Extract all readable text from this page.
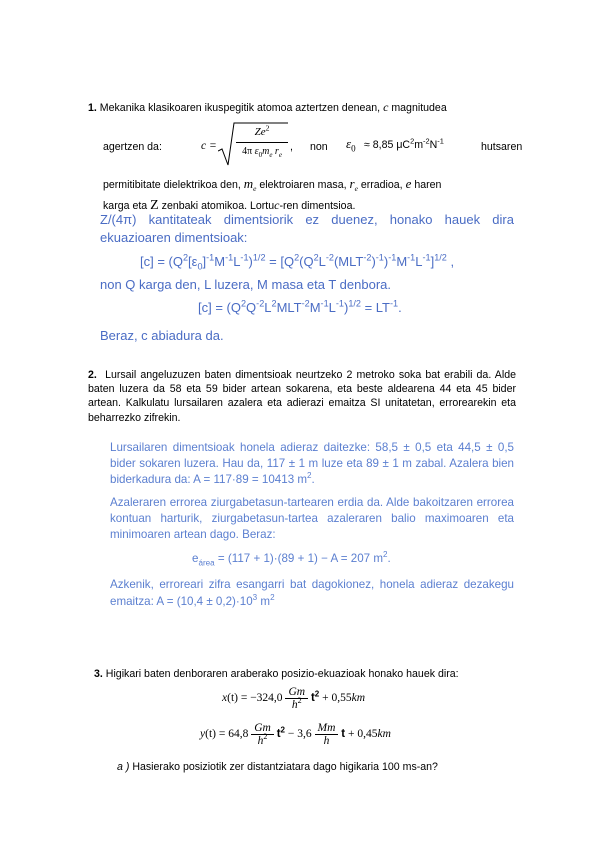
1. Mekanika klasikoaren ikuspegitik atomoa aztertzen denean, c magnitudea
agertzen da:	c =
$Ze^2$
4π $\varepsilon_0m_e$ $r_e$
, non $\varepsilon_0 \approx 8,85$ $\mu C^2m^{-2}N^{-1}$
hutsaren
permitibitate dielektrikoa den, $m_e$ elektroiaren masa, $r_e$ erradioa, e haren
karga eta Z zenbaki atomikoa. Lortuc-ren dimentsioa.
Z/(4π) kantitateak dimentsiorik ez duenez, honako hauek dira ekuazioaren dimentsioak:
$[c] = (Q^2[\varepsilon_0]^{-1}M^{-1}L^{-1})^{1/2} = [Q^2(Q^2L^{-2}(MLT^{-2})^{-1})^{-1}M^{-1}L^{-1}]^{1/2}$ ,
non Q karga den, L luzera, M masa eta T denbora.
$[c] = (Q^2Q^{-2}L^2MLT^{-2}M^{-1}L^{-1})^{1/2} = LT^{-1}$.
Beraz, c abiadura da.
2. Lursail angeluzuzen baten dimentsioak neurtzeko 2 metroko soka bat erabili da. Alde baten luzera da 58 eta 59 bider artean sokarena, eta beste aldearena 44 eta 45 bider artean. Kalkulatu lursailaren azalera eta adierazi emaitza SI unitatetan, errorearekin eta beharrezko zifrekin.
Lursailaren dimentsioak honela adieraz daitezke: 58,5 ± 0,5 eta 44,5 ± 0,5 bider sokaren luzera. Hau da, 117 ± 1 m luze eta 89 ± 1 m zabal. Azalera bien biderkadura da: A = 117·89 = 10413 $m^2$.
Azaleraren errorea ziurgabetasun-tartearen erdia da. Alde bakoitzaren errorea kontuan harturik, ziurgabetasun-tartea azaleraren balio maximoaren eta minimoaren artean dago. Beraz:
$e_{área} = (117 + 1)\cdot(89 + 1) - A = 207$ $m^2$.
Azkenik, erroreari zifra esangarri bat dagokionez, honela adieraz dezakegu emaitza: $A = (10,4 \pm 0,2)\cdot 10^3$ $m^2$
3. Higikari baten denboraren araberako posizio-ekuazioak honako hauek dira:
$x(t) = -324,0 \frac{Gm}{h^2} t^2 + 0,55km$
$y(t) = 64,8 \frac{Gm}{h^2} t^2 - 3,6 \frac{Mm}{h}$ t + 0,45km
a ) Hasierako posiziotik zer distantziatara dago higikaria 100 ms-an?
